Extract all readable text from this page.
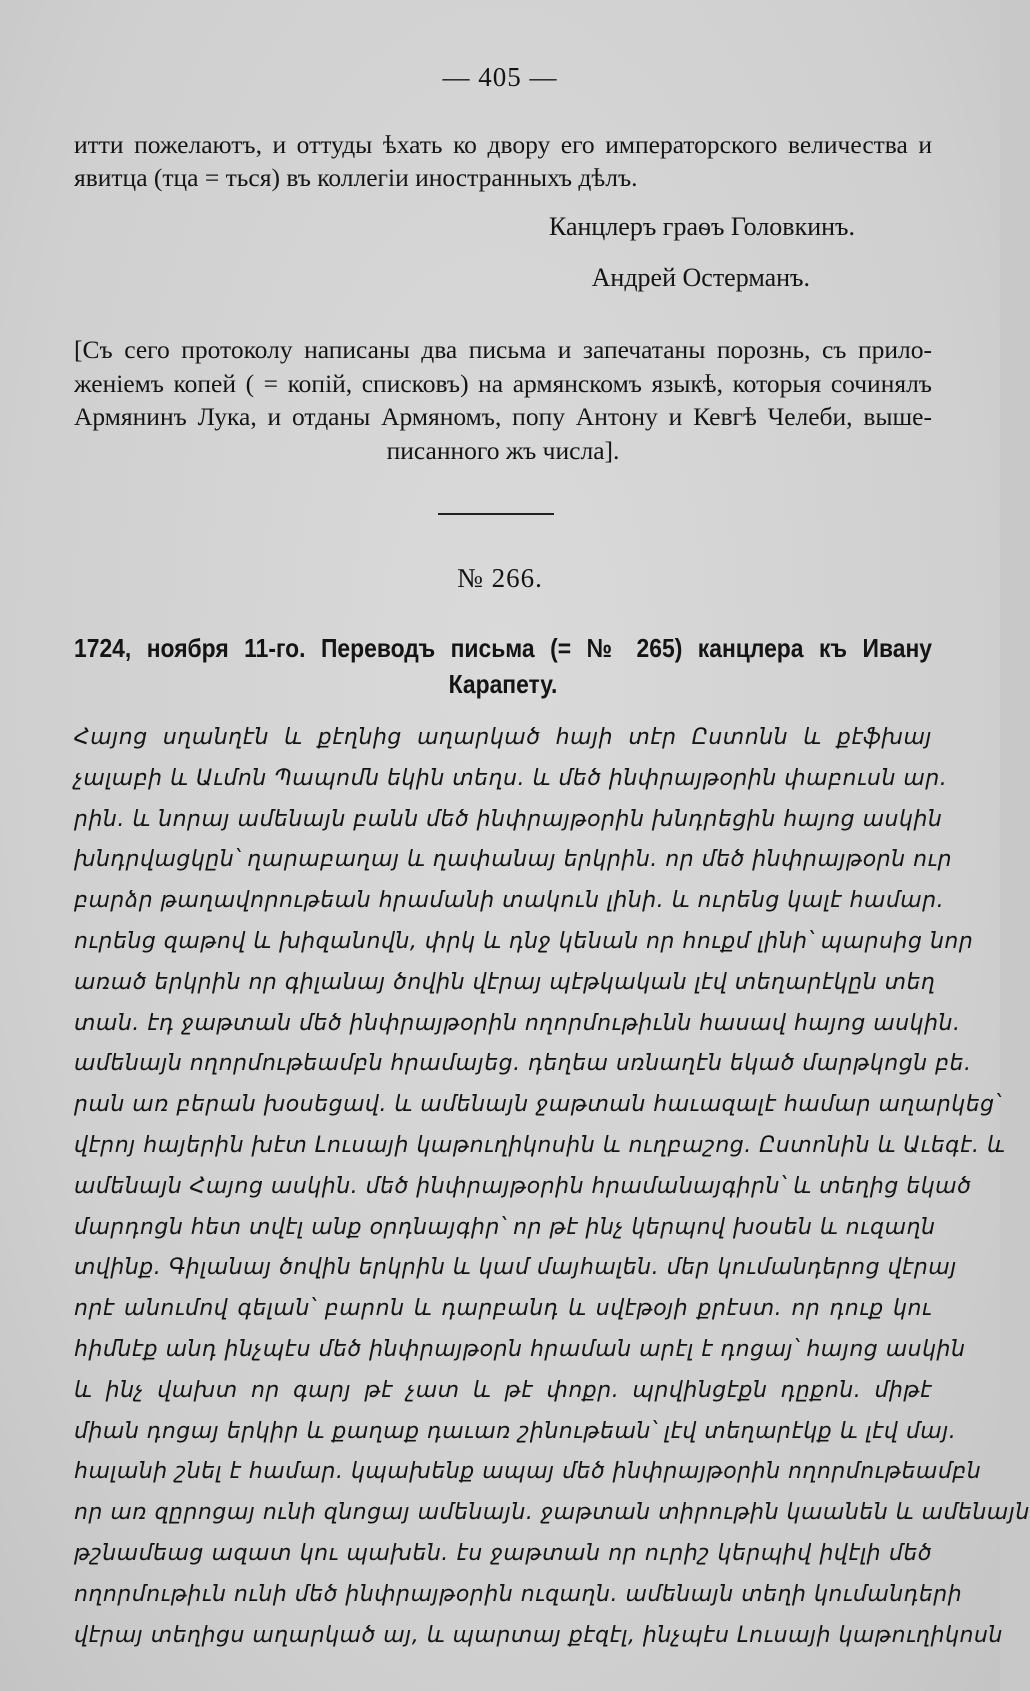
— 405 —
итти пожелаютъ, и оттуды ѣхать ко двору его императорского величества и явитца (тца = ться) въ коллегiи иностранныхъ дѣлъ.
Канцлеръ граѳъ Головкинъ.
Андрей Остерманъ.
[Съ сего протоколу написаны два письма и запечатаны порознь, съ прило-
женiемъ копей ( = копiй, списковъ) на армянскомъ языкѣ, которыя сочинялъ
Армянинъ Лука, и отданы Армяномъ, попу Антону и Кевгѣ Челеби, выше-
писанного жъ числа].
№ 266.
1724, ноября 11-го. Переводъ письма (= № 265) канцлера къ Ивану
Карапету.
Հայոց սղանղէն և քէղնից աղարկած հայի տէր Ըստոնն և քէֆխայ
չալաբի և Աւմոն Պապոմն եկին տեղս. և մեծ ինփրայթօրին փաբուսն ար.
րին. և նորայ ամենայն բանն մեծ ինփրայթօրին խնդրեցին հայոց ասկին
խնդրվացկըն՝ ղարաբաղայ և ղափանայ երկրին. որ մեծ ինփրայթօրն ուր
բարձր թաղավորութեան հրամանի տակուն լինի. և ուրենց կալէ համար.
ուրենց զաթով և խիզանովն, փրկ և դնջ կենան որ հուքմ լինի՝ պարսից նոր
առած երկրին որ գիլանայ ծովին վէրայ պէթկական լէվ տեղարէկըն տեղ
տան. էդ ջաթտան մեծ ինփրայթօրին ողորմութիւնն հասավ հայոց ասկին.
ամենայն ողորմութեամբն հրամայեց. դեղեա սռնաղէն եկած մարթկոցն բե.
րան առ բերան խօսեցավ. և ամենայն ջաթտան հաւազալէ համար աղարկեց՝
վէրոյ հայերին խէտ Լուսայի կաթուղիկոսին և ուղբաշոց. Ըստոնին և Աւեգէ. և
ամենայն Հայոց ասկին. մեծ ինփրայթօրին հրամանայգիրն՝ և տեղից եկած
մարդոցն հետ տվէլ անք օրդնայգիր՝ որ թէ ինչ կերպով խօսեն և ուզաղն
տվինք. Գիլանայ ծովին երկրին և կամ մայհալեն. մեր կումանդերոց վէրայ
որէ անումով գելան՝ բարոն և դարբանդ և սվէթօյի քրէստ. որ դուք կու
հիմնէք անդ ինչպէս մեծ ինփրայթօրն հրաման արէլ է դոցայ՝ հայոց ասկին
և ինչ վախտ որ գարյ թէ չատ և թէ փոքր. պրվինցէքն դըքոն. միթէ
միան դոցայ երկիր և քաղաք դաւառ շինութեան՝ լէվ տեղարէկք և լէվ մայ.
հալանի շնել է համար. կպախենք ապայ մեծ ինփրայթօրին ողորմութեամբն
որ առ զըրոցայ ունի զնոցայ ամենայն. ջաթտան տիրութին կաանեն և ամենայն
թշնամեաց ազատ կու պախեն. էս ջաթտան որ ուրիշ կերպիվ իվէլի մեծ
ողորմութիւն ունի մեծ ինփրայթօրին ուզաղն. ամենայն տեղի կումանդերի
վէրայ տեղիցս աղարկած այ, և պարտայ քէզէլ, ինչպէս Լուսայի կաթուղիկոսն
